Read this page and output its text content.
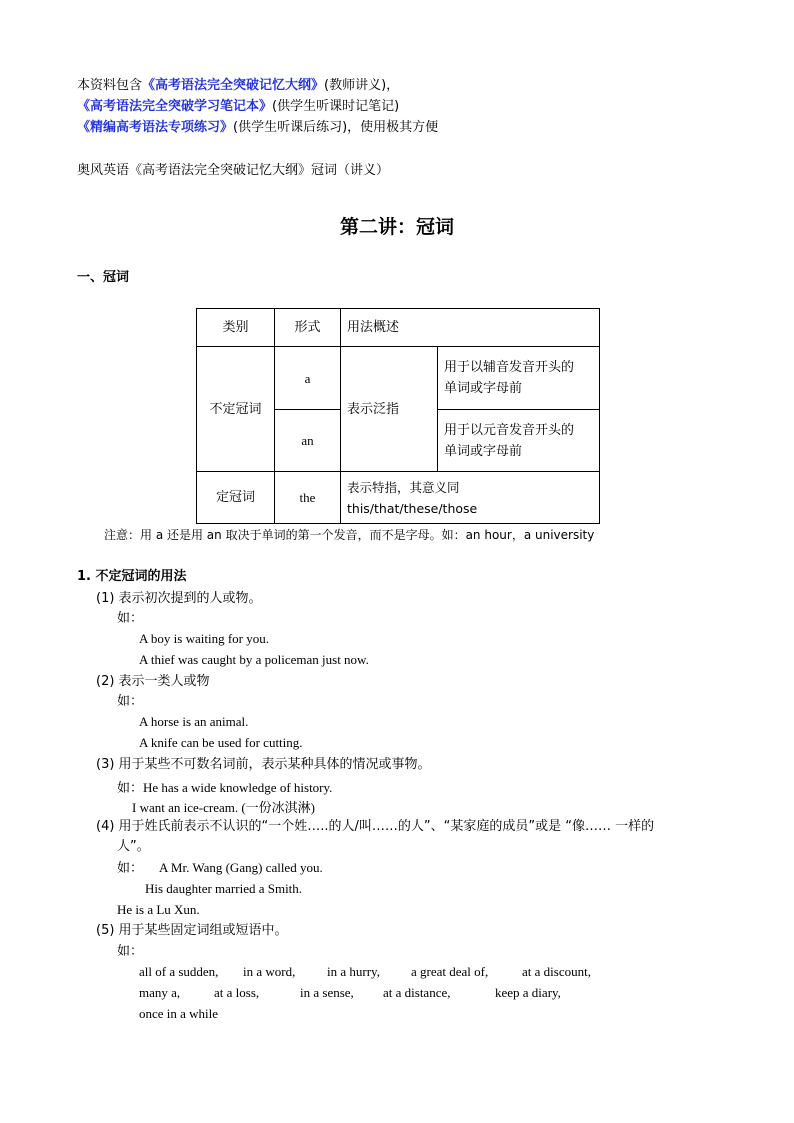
本资料包含《高考语法完全突破记忆大纲》(教师讲义)，
《高考语法完全突破学习笔记本》(供学生听课时记笔记)
《精编高考语法专项练习》(供学生听课后练习)，使用极其方便
奥风英语《高考语法完全突破记忆大纲》冠词（讲义）
第二讲：冠词
一、冠词
类别	形式	用法概述	
不定冠词	a	表示泛指	用于以辅音发音开头的
单词或字母前

	an		用于以元音发音开头的
单词或字母前

定冠词	the	表示特指，其意义同 this/that/these/those	
注意：用 a 还是用 an 取决于单词的第一个发音，而不是字母。如：an hour，a university
1. 不定冠词的用法
(1) 表示初次提到的人或物。
如：
A boy is waiting for you.
A thief was caught by a policeman just now.
(2) 表示一类人或物
如：
A horse is an animal.
A knife can be used for cutting.
(3) 用于某些不可数名词前，表示某种具体的情况或事物。
如：He has a wide knowledge of history.
I want an ice-cream. (一份冰淇淋)
(4) 用于姓氏前表示不认识的“一个姓…..的人/叫……的人”、“某家庭的成员”或是 “像…… 一样的
人”。
如： A Mr. Wang (Gang) called you.
His daughter married a Smith.
He is a Lu Xun.
(5) 用于某些固定词组或短语中。
如：
all of a sudden, in a word, in a hurry, a great deal of,	at a discount,
many a,	at a loss,	in a sense, at a distance,	keep a diary,
once in a while
